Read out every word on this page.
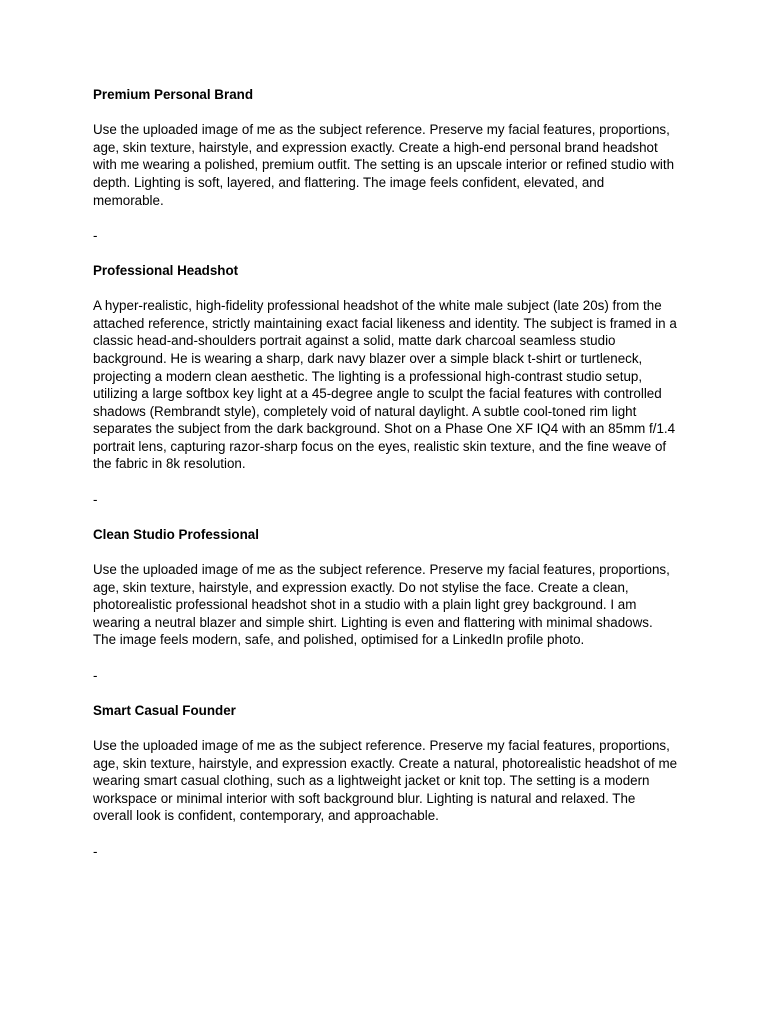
Premium Personal Brand

Use the uploaded image of me as the subject reference. Preserve my facial features, proportions, age, skin texture, hairstyle, and expression exactly. Create a high-end personal brand headshot with me wearing a polished, premium outfit. The setting is an upscale interior or refined studio with depth. Lighting is soft, layered, and flattering. The image feels confident, elevated, and memorable.

-

Professional Headshot

A hyper-realistic, high-fidelity professional headshot of the white male subject (late 20s) from the attached reference, strictly maintaining exact facial likeness and identity. The subject is framed in a classic head-and-shoulders portrait against a solid, matte dark charcoal seamless studio background. He is wearing a sharp, dark navy blazer over a simple black t-shirt or turtleneck, projecting a modern clean aesthetic. The lighting is a professional high-contrast studio setup, utilizing a large softbox key light at a 45-degree angle to sculpt the facial features with controlled shadows (Rembrandt style), completely void of natural daylight. A subtle cool-toned rim light separates the subject from the dark background. Shot on a Phase One XF IQ4 with an 85mm f/1.4 portrait lens, capturing razor-sharp focus on the eyes, realistic skin texture, and the fine weave of the fabric in 8k resolution.

-

Clean Studio Professional

Use the uploaded image of me as the subject reference. Preserve my facial features, proportions, age, skin texture, hairstyle, and expression exactly. Do not stylise the face. Create a clean, photorealistic professional headshot shot in a studio with a plain light grey background. I am wearing a neutral blazer and simple shirt. Lighting is even and flattering with minimal shadows. The image feels modern, safe, and polished, optimised for a LinkedIn profile photo.

-

Smart Casual Founder

Use the uploaded image of me as the subject reference. Preserve my facial features, proportions, age, skin texture, hairstyle, and expression exactly. Create a natural, photorealistic headshot of me wearing smart casual clothing, such as a lightweight jacket or knit top. The setting is a modern workspace or minimal interior with soft background blur. Lighting is natural and relaxed. The overall look is confident, contemporary, and approachable.

-
